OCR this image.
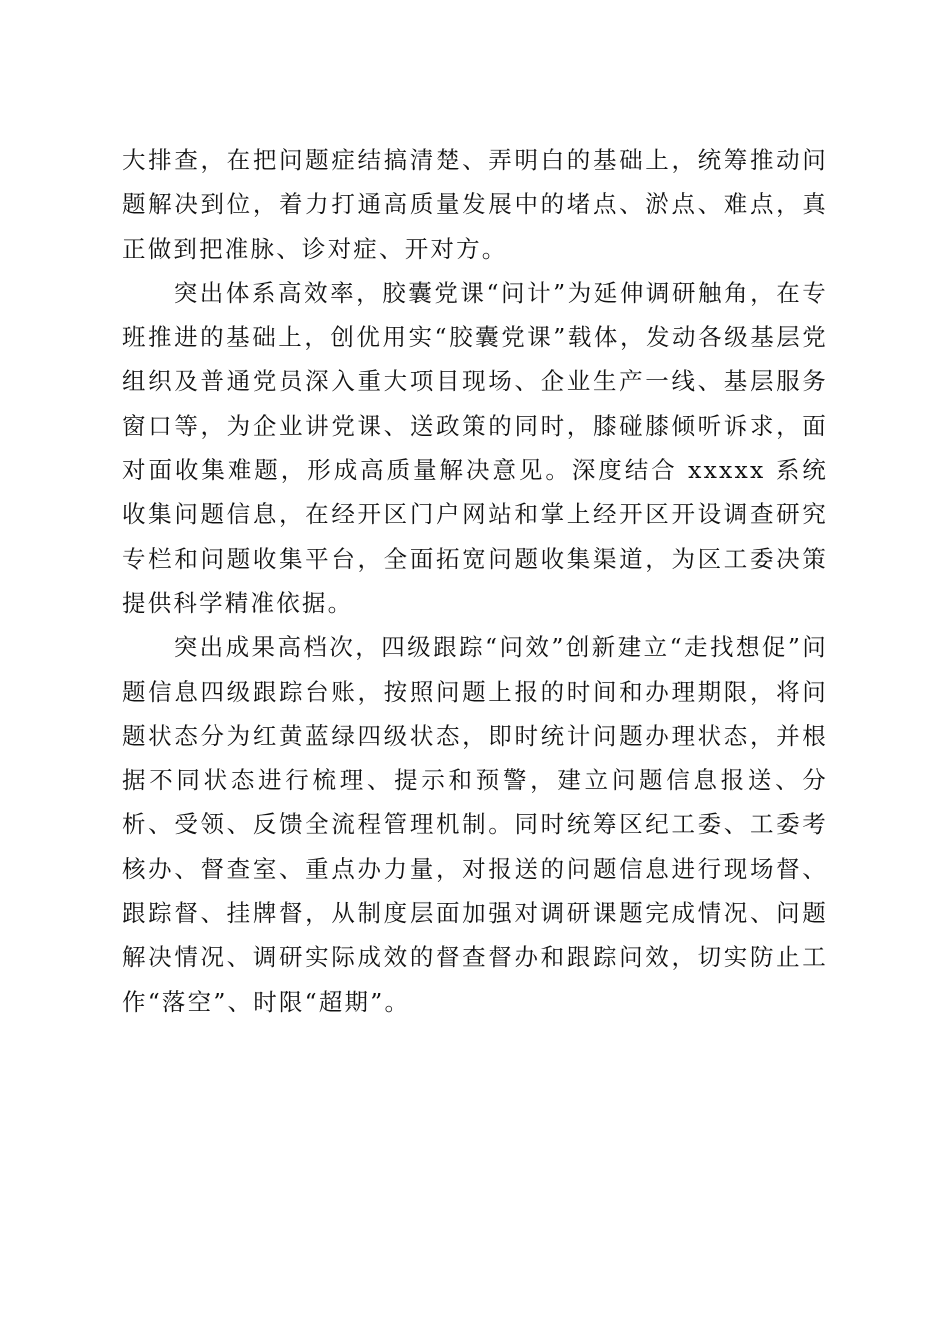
大排查，在把问题症结搞清楚、弄明白的基础上，统筹推动问题解决到位，着力打通高质量发展中的堵点、淤点、难点，真正做到把准脉、诊对症、开对方。

突出体系高效率，胶囊党课“问计”为延伸调研触角，在专班推进的基础上，创优用实“胶囊党课”载体，发动各级基层党组织及普通党员深入重大项目现场、企业生产一线、基层服务窗口等，为企业讲党课、送政策的同时，膝碰膝倾听诉求，面对面收集难题，形成高质量解决意见。深度结合 xxxxx 系统收集问题信息，在经开区门户网站和掌上经开区开设调查研究专栏和问题收集平台，全面拓宽问题收集渠道，为区工委决策提供科学精准依据。

突出成果高档次，四级跟踪“问效”创新建立“走找想促”问题信息四级跟踪台账，按照问题上报的时间和办理期限，将问题状态分为红黄蓝绿四级状态，即时统计问题办理状态，并根据不同状态进行梳理、提示和预警，建立问题信息报送、分析、受领、反馈全流程管理机制。同时统筹区纪工委、工委考核办、督查室、重点办力量，对报送的问题信息进行现场督、跟踪督、挂牌督，从制度层面加强对调研课题完成情况、问题解决情况、调研实际成效的督查督办和跟踪问效，切实防止工作“落空”、时限“超期”。
